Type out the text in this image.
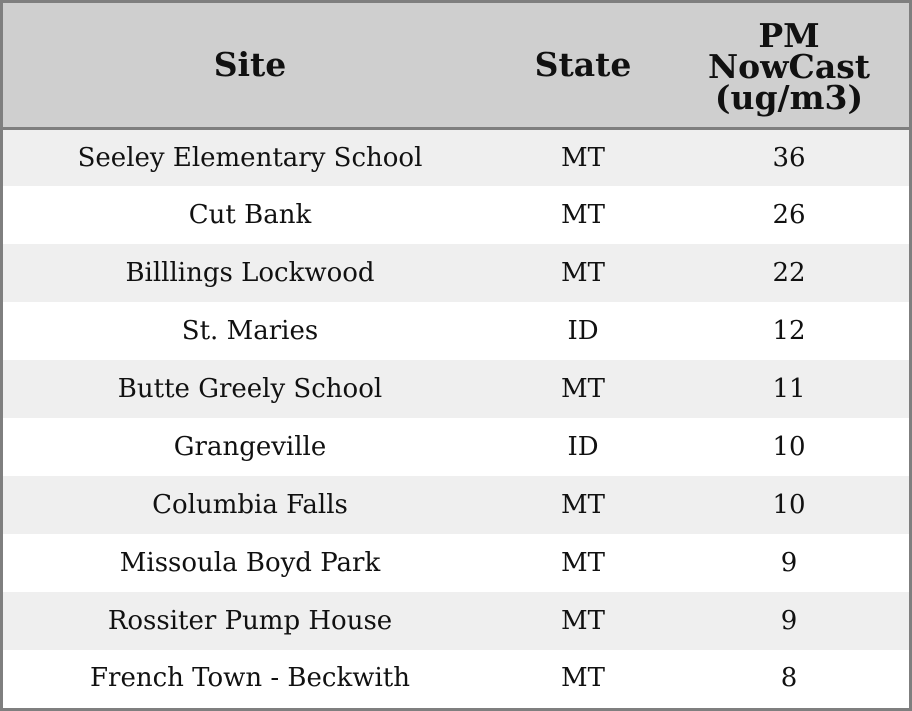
Site	State	PM
NowCast
(ug/m3)

Seeley Elementary School	MT	36
Cut Bank	MT	26
Billlings Lockwood	MT	22
St. Maries	ID	12
Butte Greely School	MT	11
Grangeville	ID	10
Columbia Falls	MT	10
Missoula Boyd Park	MT	9
Rossiter Pump House	MT	9
French Town - Beckwith	MT	8
